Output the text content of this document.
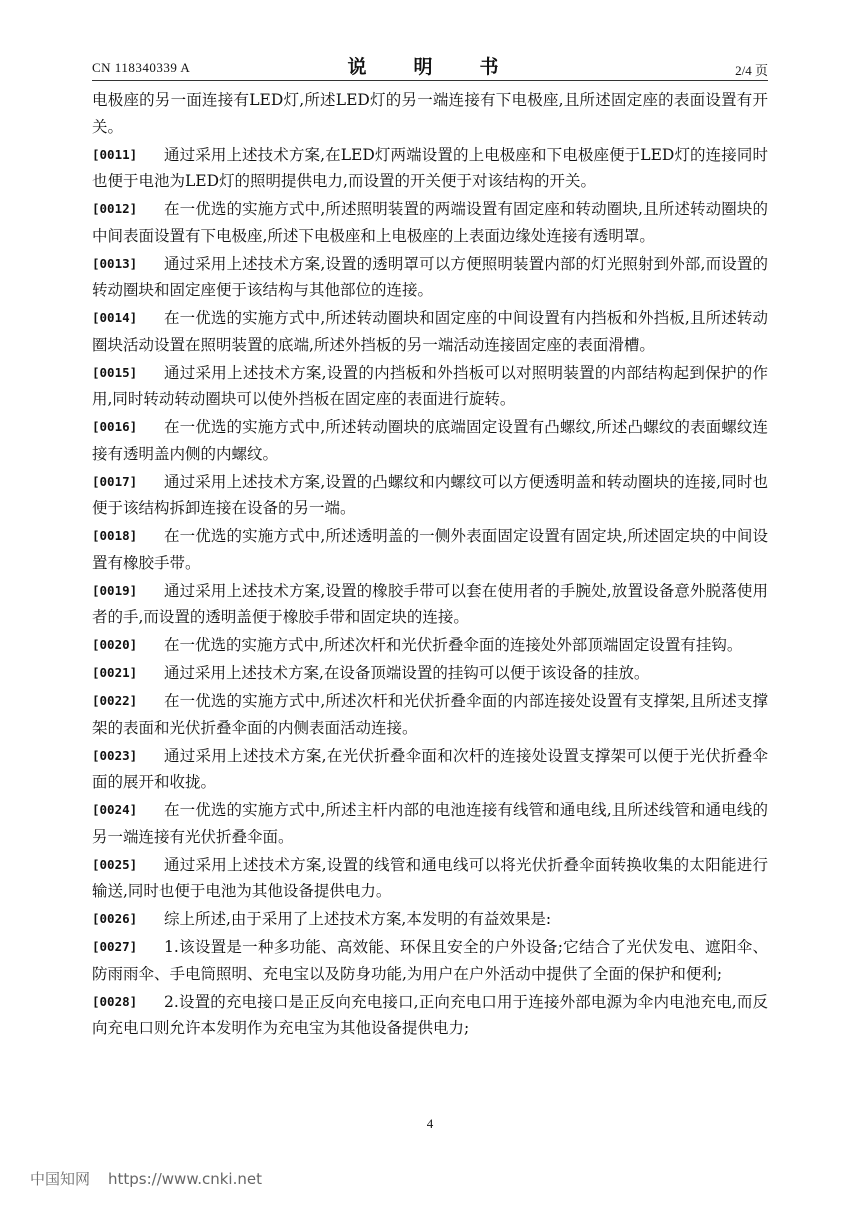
CN 118340339 A	说　明　书	2/4 页
电极座的另一面连接有LED灯,所述LED灯的另一端连接有下电极座,且所述固定座的表面设置有开关。
[0011]	通过采用上述技术方案,在LED灯两端设置的上电极座和下电极座便于LED灯的连接同时也便于电池为LED灯的照明提供电力,而设置的开关便于对该结构的开关。
[0012]	在一优选的实施方式中,所述照明装置的两端设置有固定座和转动圈块,且所述转动圈块的中间表面设置有下电极座,所述下电极座和上电极座的上表面边缘处连接有透明罩。
[0013]	通过采用上述技术方案,设置的透明罩可以方便照明装置内部的灯光照射到外部,而设置的转动圈块和固定座便于该结构与其他部位的连接。
[0014]	在一优选的实施方式中,所述转动圈块和固定座的中间设置有内挡板和外挡板,且所述转动圈块活动设置在照明装置的底端,所述外挡板的另一端活动连接固定座的表面滑槽。
[0015]	通过采用上述技术方案,设置的内挡板和外挡板可以对照明装置的内部结构起到保护的作用,同时转动转动圈块可以使外挡板在固定座的表面进行旋转。
[0016]	在一优选的实施方式中,所述转动圈块的底端固定设置有凸螺纹,所述凸螺纹的表面螺纹连接有透明盖内侧的内螺纹。
[0017]	通过采用上述技术方案,设置的凸螺纹和内螺纹可以方便透明盖和转动圈块的连接,同时也便于该结构拆卸连接在设备的另一端。
[0018]	在一优选的实施方式中,所述透明盖的一侧外表面固定设置有固定块,所述固定块的中间设置有橡胶手带。
[0019]	通过采用上述技术方案,设置的橡胶手带可以套在使用者的手腕处,放置设备意外脱落使用者的手,而设置的透明盖便于橡胶手带和固定块的连接。
[0020]	在一优选的实施方式中,所述次杆和光伏折叠伞面的连接处外部顶端固定设置有挂钩。
[0021]	通过采用上述技术方案,在设备顶端设置的挂钩可以便于该设备的挂放。
[0022]	在一优选的实施方式中,所述次杆和光伏折叠伞面的内部连接处设置有支撑架,且所述支撑架的表面和光伏折叠伞面的内侧表面活动连接。
[0023]	通过采用上述技术方案,在光伏折叠伞面和次杆的连接处设置支撑架可以便于光伏折叠伞面的展开和收拢。
[0024]	在一优选的实施方式中,所述主杆内部的电池连接有线管和通电线,且所述线管和通电线的另一端连接有光伏折叠伞面。
[0025]	通过采用上述技术方案,设置的线管和通电线可以将光伏折叠伞面转换收集的太阳能进行输送,同时也便于电池为其他设备提供电力。
[0026]	综上所述,由于采用了上述技术方案,本发明的有益效果是:
[0027]	1.该设置是一种多功能、高效能、环保且安全的户外设备;它结合了光伏发电、遮阳伞、防雨雨伞、手电筒照明、充电宝以及防身功能,为用户在户外活动中提供了全面的保护和便利;
[0028]	2.设置的充电接口是正反向充电接口,正向充电口用于连接外部电源为伞内电池充电,而反向充电口则允许本发明作为充电宝为其他设备提供电力;
4
中国知网 https://www.cnki.net
